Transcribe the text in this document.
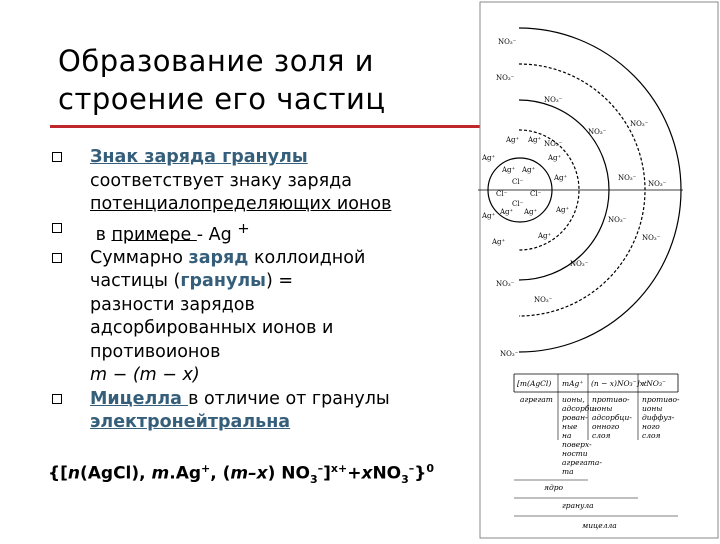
Образование золя и
строение его частиц
Знак заряда гранулы
соответствует знаку заряда
потенциалопределяющих ионов
в примере - Ag +
Суммарно заряд коллоидной
частицы (гранулы) =
разности зарядов
адсорбированных ионов и
противоионов
m − (m − x)
Мицелла в отличие от гранулы
электронейтральна
{[n(AgCl), m.Ag+, (m–x) $NO_3^-]^{x+}+xNO_3^-\}^0$
NO₃⁻
NO₃⁻
NO₃⁻
NO₃⁻
NO₃⁻
NO₃⁻
NO₃⁻
NO₃⁻
NO₃⁻
NO₃⁻
NO₃⁻
NO₃⁻
NO₃⁻
NO₃⁻
Ag⁺
Ag⁺ Ag⁺
Ag⁺
Ag⁺
Ag⁺
Ag⁺
Ag⁺
Ag⁺
Ag⁺ Ag⁺
Cl⁻
Cl⁻
Cl⁻
Cl⁻
Ag⁺ Ag⁺
[m(AgCl) mAg⁺ (n − x)NO₃⁻]x⁺
xNO₃⁻
агрегат ионы,
адсорби-
рован-
ные
на
поверх-
ности
агрегата-
та
противо-
ионы
адсорбци-
онного
слоя
противо-
ионы
диффуз-
ного
слоя
ядро
гранула
мицелла
